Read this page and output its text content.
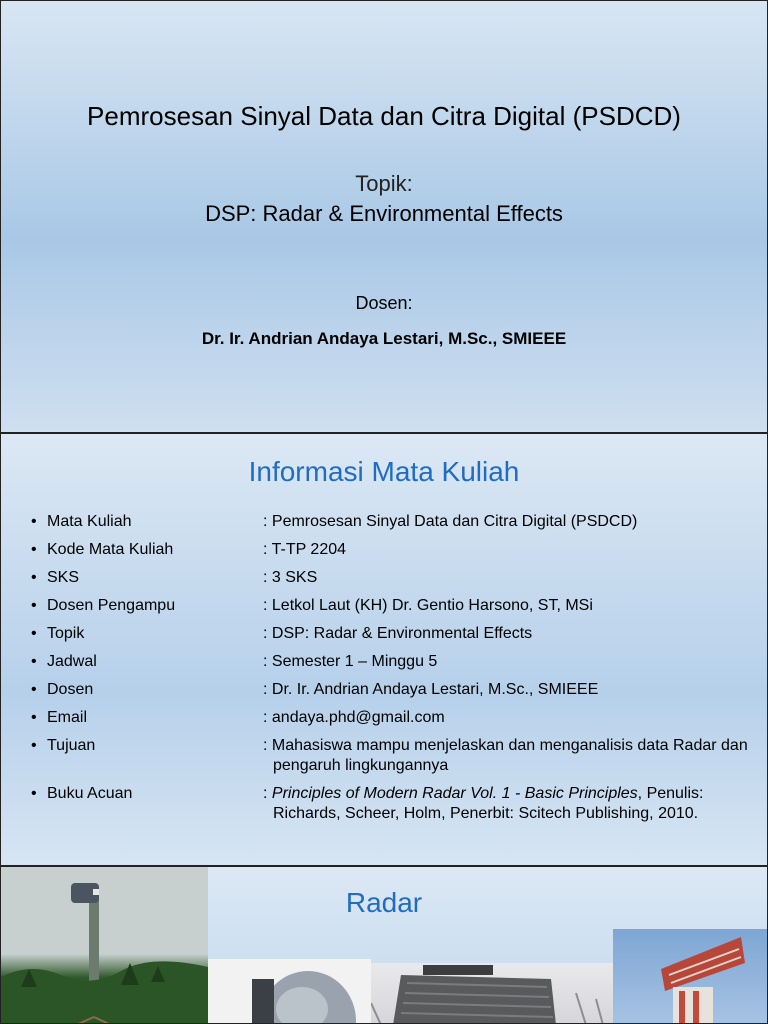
Pemrosesan Sinyal Data dan Citra Digital (PSDCD)
Topik:
DSP: Radar & Environmental Effects
Dosen:
Dr. Ir. Andrian Andaya Lestari, M.Sc., SMIEEE
Informasi Mata Kuliah
• Mata Kuliah	: Pemrosesan Sinyal Data dan Citra Digital (PSDCD)
• Kode Mata Kuliah	: T-TP 2204
• SKS	: 3 SKS
• Dosen Pengampu	: Letkol Laut (KH) Dr. Gentio Harsono, ST, MSi
• Topik	: DSP: Radar & Environmental Effects
• Jadwal	: Semester 1 – Minggu 5
• Dosen	: Dr. Ir. Andrian Andaya Lestari, M.Sc., SMIEEE
• Email	: andaya.phd@gmail.com
• Tujuan	: Mahasiswa mampu menjelaskan dan menganalisis data Radar dan pengaruh lingkungannya
• Buku Acuan	: Principles of Modern Radar Vol. 1 - Basic Principles, Penulis: Richards, Scheer, Holm, Penerbit: Scitech Publishing, 2010.
Radar
